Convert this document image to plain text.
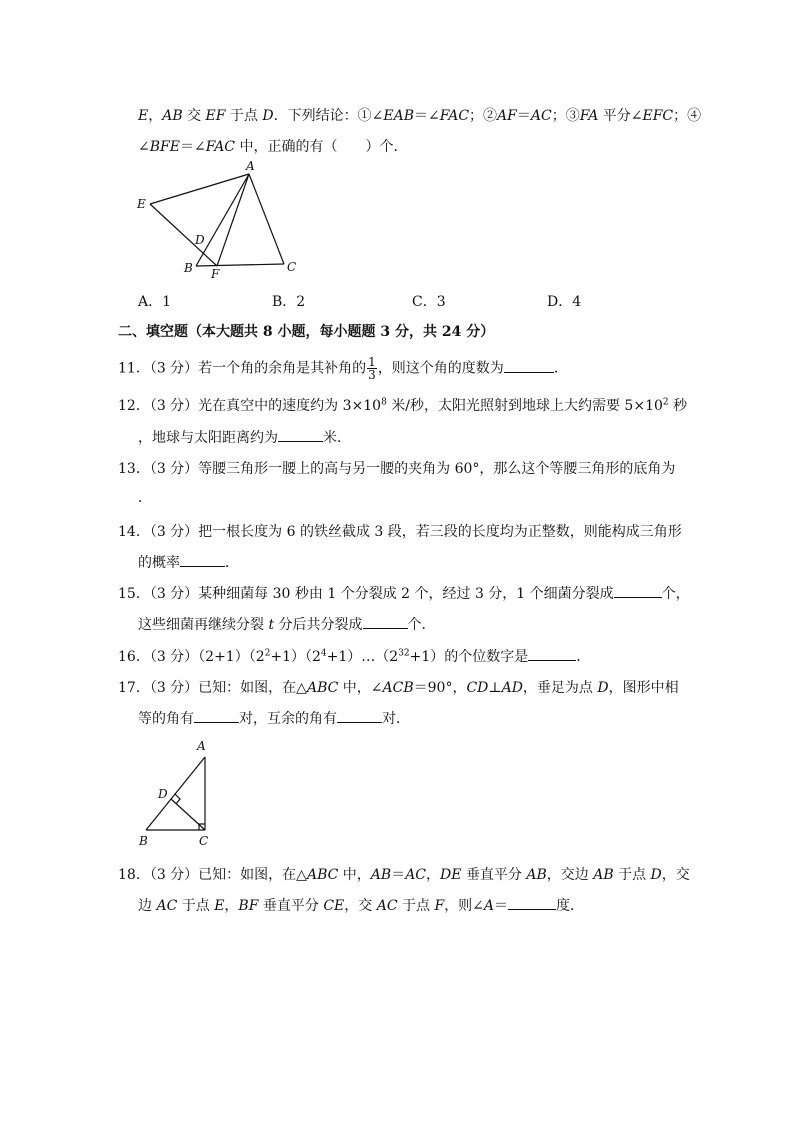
E，AB 交 EF 于点 D．下列结论：①∠EAB＝∠FAC；②AF＝AC；③FA 平分∠EFC；④
∠BFE＝∠FAC 中，正确的有（　　）个．
A
E
D
B F	C
A．1	B．2	C．3	D．4
二、填空题（本大题共 8 小题，每小题题 3 分，共 24 分）
11．（3 分）若一个角的余角是其补角的 $\frac{1}{3}$ ，则这个角的度数为	．
12．（3 分）光在真空中的速度约为 $3\times 10^8$ 米/秒，太阳光照射到地球上大约需要 $5\times 10^2$ 秒
，地球与太阳距离约为	米．
13．（3 分）等腰三角形一腰上的高与另一腰的夹角为 60°，那么这个等腰三角形的底角为
．
14．（3 分）把一根长度为 6 的铁丝截成 3 段，若三段的长度均为正整数，则能构成三角形
的概率	．
15．（3 分）某种细菌每 30 秒由 1 个分裂成 2 个，经过 3 分，1 个细菌分裂成	个，
这些细菌再继续分裂 t 分后共分裂成	个．
16．（3 分）$(2+1)(2^2+1)(2^4+1)\dots(2^{32}+1)$的个位数字是	．
17．（3 分）已知：如图，在△ABC 中，∠ACB＝90°，CD⊥AD，垂足为点 D，图形中相
等的角有	对，互余的角有	对．
A
D
B	C
18．（3 分）已知：如图，在△ABC 中，AB＝AC，DE 垂直平分 AB，交边 AB 于点 D，交
边 AC 于点 E，BF 垂直平分 CE，交 AC 于点 F，则∠A＝	度．
